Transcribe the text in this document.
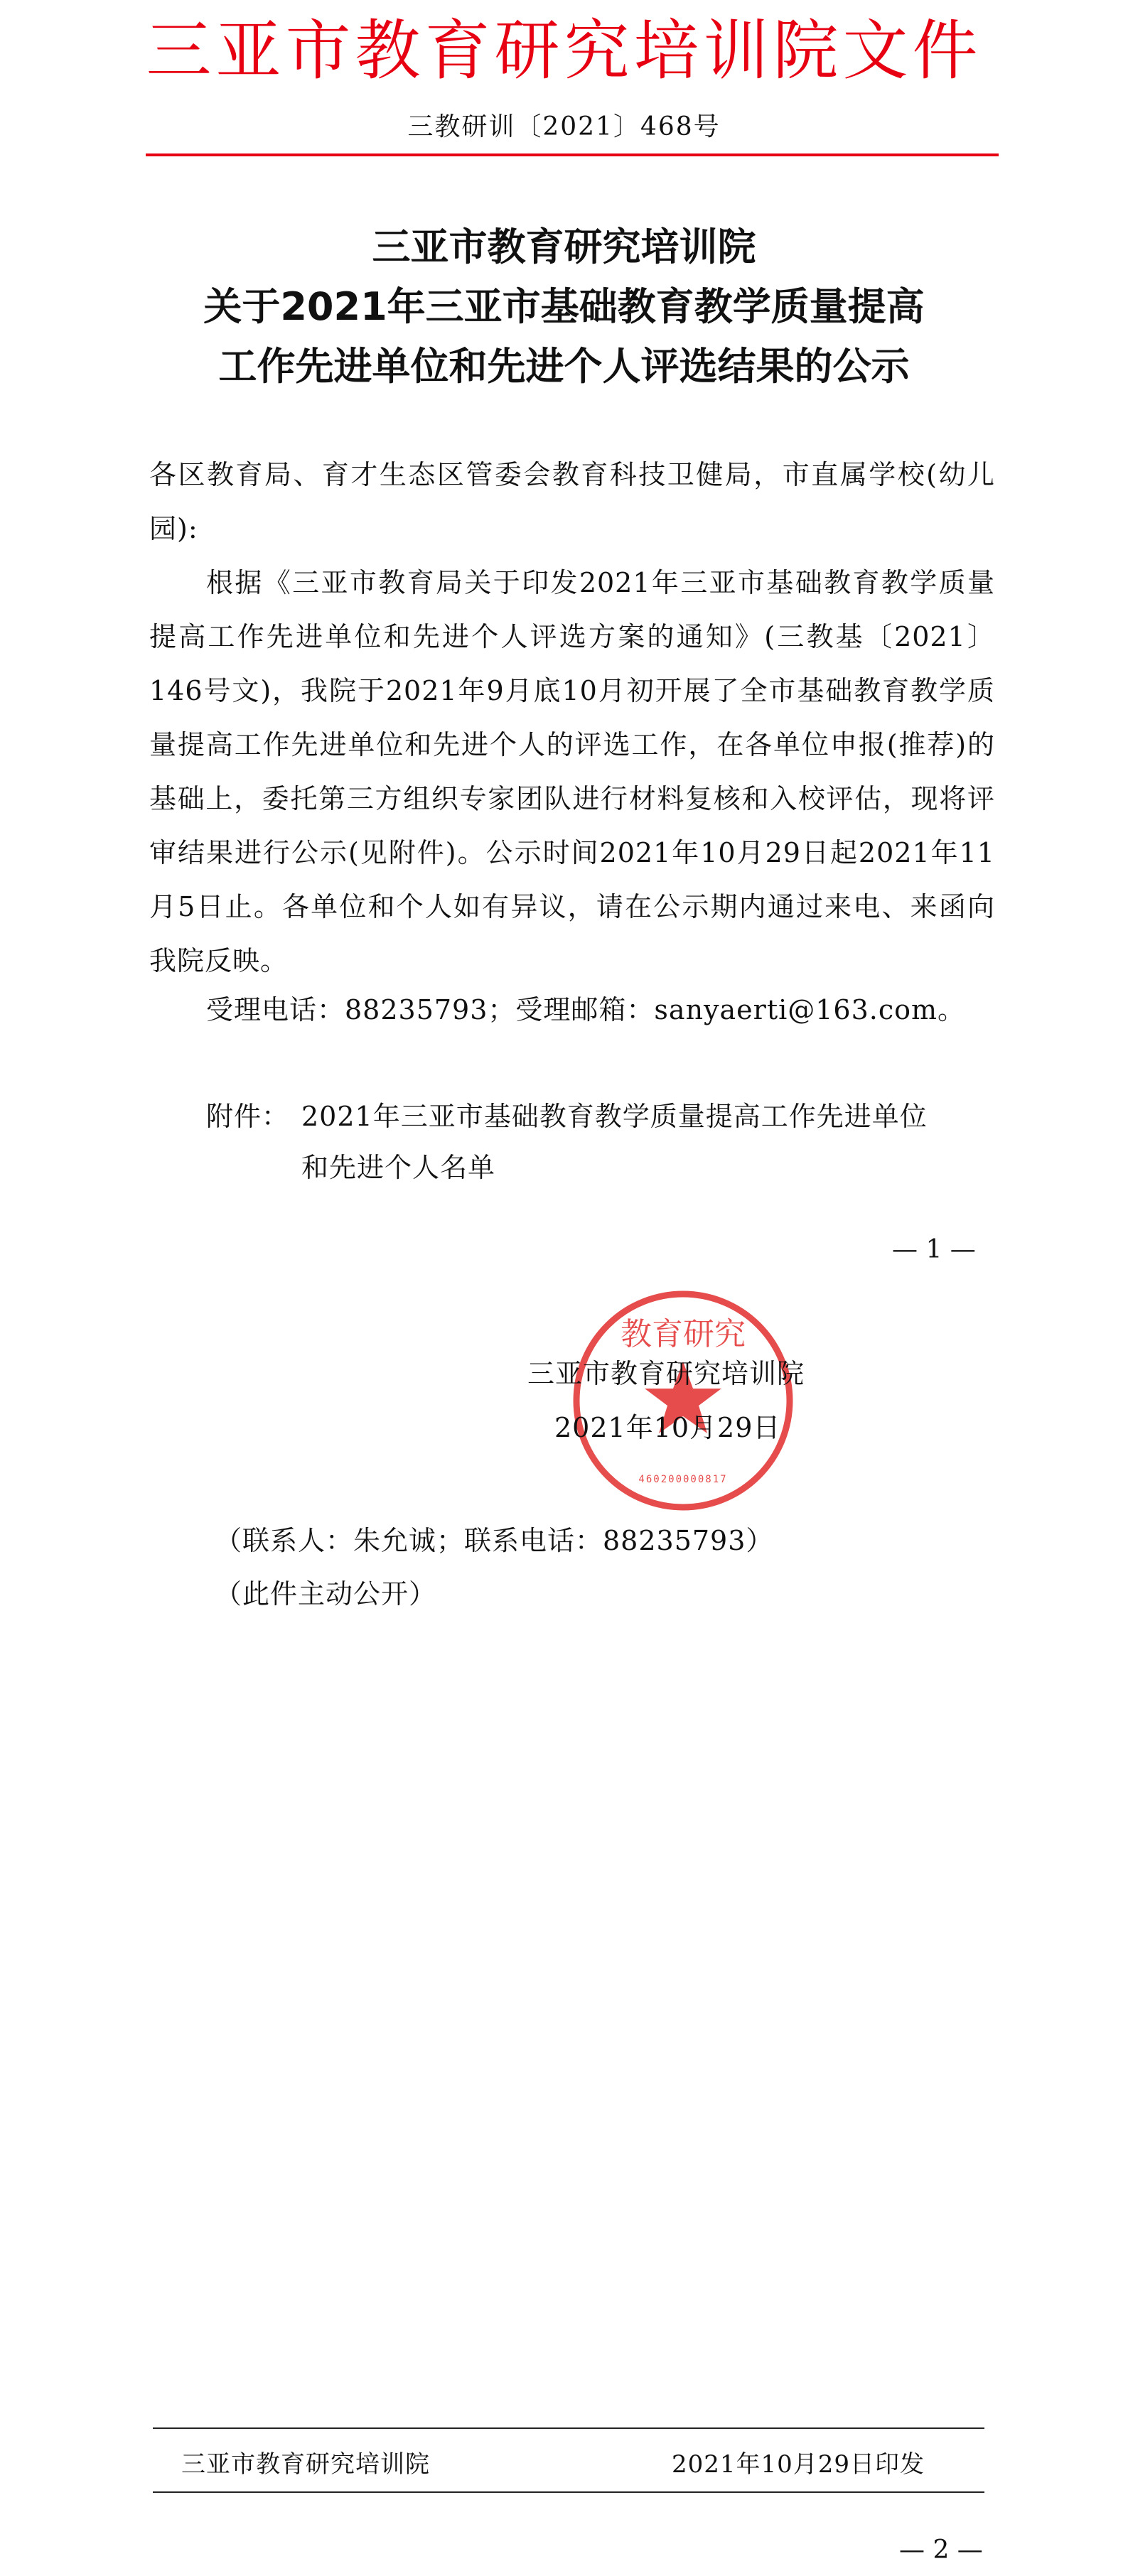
三亚市教育研究培训院文件
三教研训〔2021〕468号
三亚市教育研究培训院
关于2021年三亚市基础教育教学质量提高
工作先进单位和先进个人评选结果的公示
各区教育局、育才生态区管委会教育科技卫健局，市直属学校(幼儿园):
根据《三亚市教育局关于印发2021年三亚市基础教育教学质量提高工作先进单位和先进个人评选方案的通知》(三教基〔2021〕146号文)，我院于2021年9月底10月初开展了全市基础教育教学质量提高工作先进单位和先进个人的评选工作，在各单位申报(推荐)的基础上，委托第三方组织专家团队进行材料复核和入校评估，现将评审结果进行公示(见附件)。公示时间2021年10月29日起2021年11月5日止。各单位和个人如有异议，请在公示期内通过来电、来函向我院反映。
受理电话：88235793；受理邮箱：sanyaerti@163.com。
附件： 2021年三亚市基础教育教学质量提高工作先进单位
和先进个人名单
— 1 —
教育研究
460200000817
三亚市教育研究培训院
2021年10月29日
（联系人：朱允诚；联系电话：88235793）
（此件主动公开）
三亚市教育研究培训院	2021年10月29日印发
— 2 —
